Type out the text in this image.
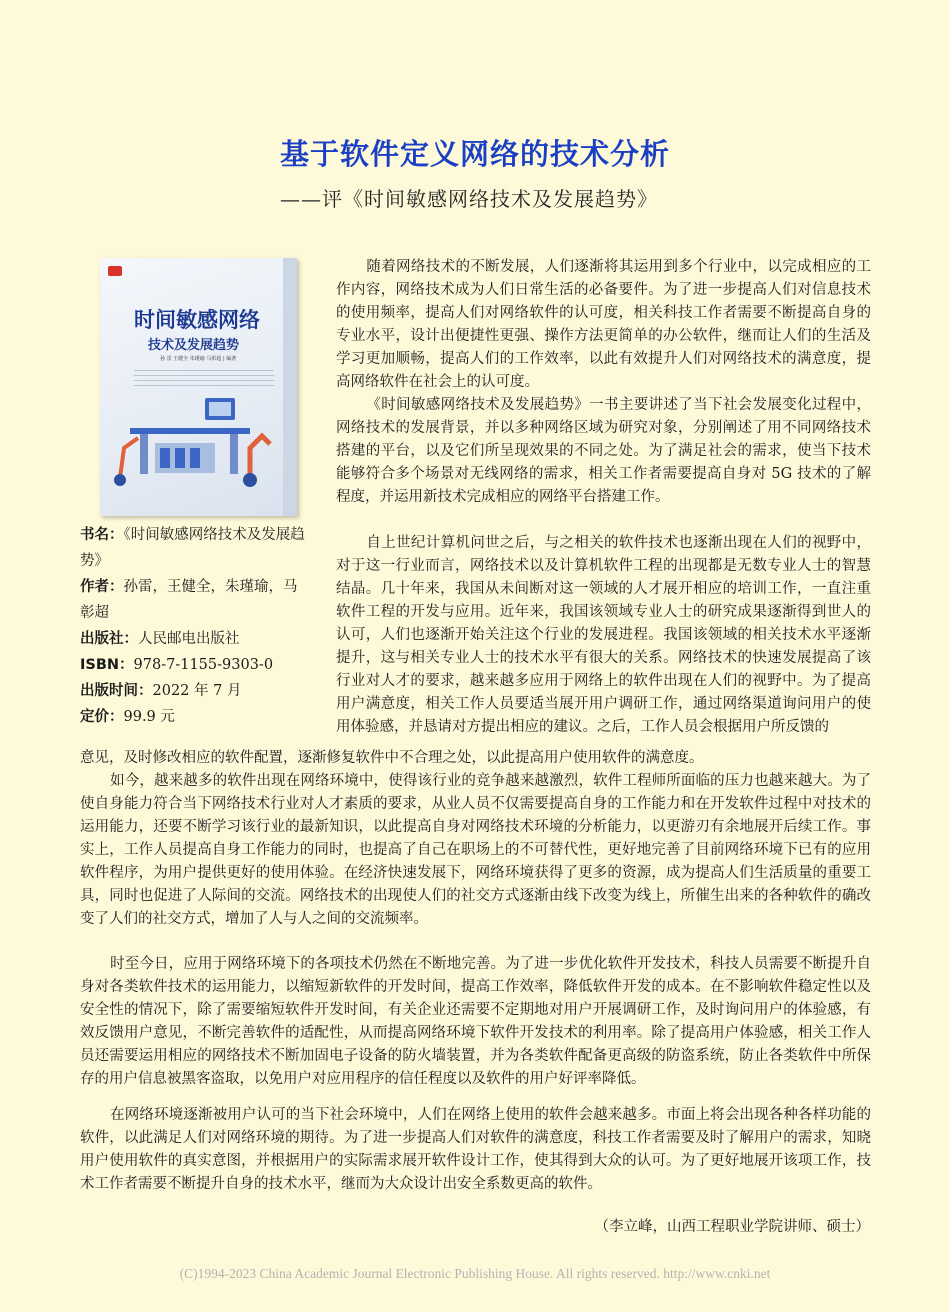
基于软件定义网络的技术分析
——评《时间敏感网络技术及发展趋势》
时间敏感网络
技术及发展趋势
孙 雷 王健全 朱瑾瑜 马彰超 | 编著
书名：《时间敏感网络技术及发展趋势》
作者：孙雷，王健全，朱瑾瑜，马彰超
出版社：人民邮电出版社
ISBN：978-7-1155-9303-0
出版时间：2022 年 7 月
定价：99.9 元
随着网络技术的不断发展，人们逐渐将其运用到多个行业中，以完成相应的工作内容，网络技术成为人们日常生活的必备要件。为了进一步提高人们对信息技术的使用频率，提高人们对网络软件的认可度，相关科技工作者需要不断提高自身的专业水平，设计出便捷性更强、操作方法更简单的办公软件，继而让人们的生活及学习更加顺畅，提高人们的工作效率，以此有效提升人们对网络技术的满意度，提高网络软件在社会上的认可度。
《时间敏感网络技术及发展趋势》一书主要讲述了当下社会发展变化过程中，网络技术的发展背景，并以多种网络区域为研究对象，分别阐述了用不同网络技术搭建的平台，以及它们所呈现效果的不同之处。为了满足社会的需求，使当下技术能够符合多个场景对无线网络的需求，相关工作者需要提高自身对 5G 技术的了解程度，并运用新技术完成相应的网络平台搭建工作。
自上世纪计算机问世之后，与之相关的软件技术也逐渐出现在人们的视野中，对于这一行业而言，网络技术以及计算机软件工程的出现都是无数专业人士的智慧结晶。几十年来，我国从未间断对这一领域的人才展开相应的培训工作，一直注重软件工程的开发与应用。近年来，我国该领域专业人士的研究成果逐渐得到世人的认可，人们也逐渐开始关注这个行业的发展进程。我国该领域的相关技术水平逐渐提升，这与相关专业人士的技术水平有很大的关系。网络技术的快速发展提高了该行业对人才的要求，越来越多应用于网络上的软件出现在人们的视野中。为了提高用户满意度，相关工作人员要适当展开用户调研工作，通过网络渠道询问用户的使用体验感，并恳请对方提出相应的建议。之后，工作人员会根据用户所反馈的
意见，及时修改相应的软件配置，逐渐修复软件中不合理之处，以此提高用户使用软件的满意度。
如今，越来越多的软件出现在网络环境中，使得该行业的竞争越来越激烈，软件工程师所面临的压力也越来越大。为了使自身能力符合当下网络技术行业对人才素质的要求，从业人员不仅需要提高自身的工作能力和在开发软件过程中对技术的运用能力，还要不断学习该行业的最新知识，以此提高自身对网络技术环境的分析能力，以更游刃有余地展开后续工作。事实上，工作人员提高自身工作能力的同时，也提高了自己在职场上的不可替代性，更好地完善了目前网络环境下已有的应用软件程序，为用户提供更好的使用体验。在经济快速发展下，网络环境获得了更多的资源，成为提高人们生活质量的重要工具，同时也促进了人际间的交流。网络技术的出现使人们的社交方式逐渐由线下改变为线上，所催生出来的各种软件的确改变了人们的社交方式，增加了人与人之间的交流频率。
时至今日，应用于网络环境下的各项技术仍然在不断地完善。为了进一步优化软件开发技术，科技人员需要不断提升自身对各类软件技术的运用能力，以缩短新软件的开发时间，提高工作效率，降低软件开发的成本。在不影响软件稳定性以及安全性的情况下，除了需要缩短软件开发时间，有关企业还需要不定期地对用户开展调研工作，及时询问用户的体验感，有效反馈用户意见，不断完善软件的适配性，从而提高网络环境下软件开发技术的利用率。除了提高用户体验感，相关工作人员还需要运用相应的网络技术不断加固电子设备的防火墙装置，并为各类软件配备更高级的防盗系统，防止各类软件中所保存的用户信息被黑客盗取，以免用户对应用程序的信任程度以及软件的用户好评率降低。
在网络环境逐渐被用户认可的当下社会环境中，人们在网络上使用的软件会越来越多。市面上将会出现各种各样功能的软件，以此满足人们对网络环境的期待。为了进一步提高人们对软件的满意度，科技工作者需要及时了解用户的需求，知晓用户使用软件的真实意图，并根据用户的实际需求展开软件设计工作，使其得到大众的认可。为了更好地展开该项工作，技术工作者需要不断提升自身的技术水平，继而为大众设计出安全系数更高的软件。
（李立峰，山西工程职业学院讲师、硕士）
(C)1994-2023 China Academic Journal Electronic Publishing House. All rights reserved. http://www.cnki.net
